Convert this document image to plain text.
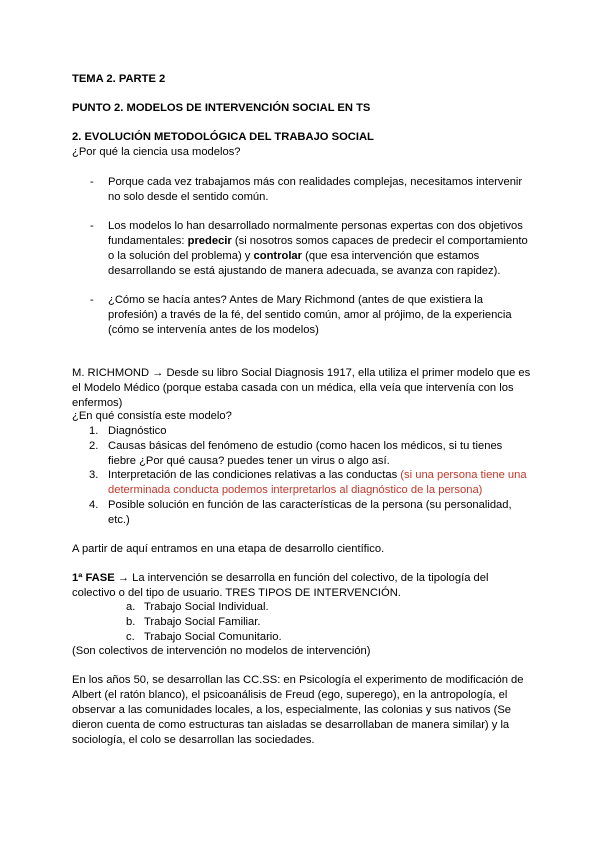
TEMA 2. PARTE 2
PUNTO 2. MODELOS DE INTERVENCIÓN SOCIAL EN TS
2. EVOLUCIÓN METODOLÓGICA DEL TRABAJO SOCIAL
¿Por qué la ciencia usa modelos?
- Porque cada vez trabajamos más con realidades complejas, necesitamos intervenir
no solo desde el sentido común.
- Los modelos lo han desarrollado normalmente personas expertas con dos objetivos
fundamentales: predecir (si nosotros somos capaces de predecir el comportamiento
o la solución del problema) y controlar (que esa intervención que estamos
desarrollando se está ajustando de manera adecuada, se avanza con rapidez).
- ¿Cómo se hacía antes? Antes de Mary Richmond (antes de que existiera la
profesión) a través de la fé, del sentido común, amor al prójimo, de la experiencia
(cómo se intervenía antes de los modelos)
M. RICHMOND → Desde su libro Social Diagnosis 1917, ella utiliza el primer modelo que es
el Modelo Médico (porque estaba casada con un médica, ella veía que intervenía con los
enfermos)
¿En qué consistía este modelo?
1. Diagnóstico
2. Causas básicas del fenómeno de estudio (como hacen los médicos, si tu tienes
fiebre ¿Por qué causa? puedes tener un virus o algo así.
3. Interpretación de las condiciones relativas a las conductas (si una persona tiene una
determinada conducta podemos interpretarlos al diagnóstico de la persona)
4. Posible solución en función de las características de la persona (su personalidad,
etc.)
A partir de aquí entramos en una etapa de desarrollo científico.
1ª FASE → La intervención se desarrolla en función del colectivo, de la tipología del
colectivo o del tipo de usuario. TRES TIPOS DE INTERVENCIÓN.
a. Trabajo Social Individual.
b. Trabajo Social Familiar.
c. Trabajo Social Comunitario.
(Son colectivos de intervención no modelos de intervención)
En los años 50, se desarrollan las CC.SS: en Psicología el experimento de modificación de
Albert (el ratón blanco), el psicoanálisis de Freud (ego, superego), en la antropología, el
observar a las comunidades locales, a los, especialmente, las colonias y sus nativos (Se
dieron cuenta de como estructuras tan aisladas se desarrollaban de manera similar) y la
sociología, el colo se desarrollan las sociedades.
